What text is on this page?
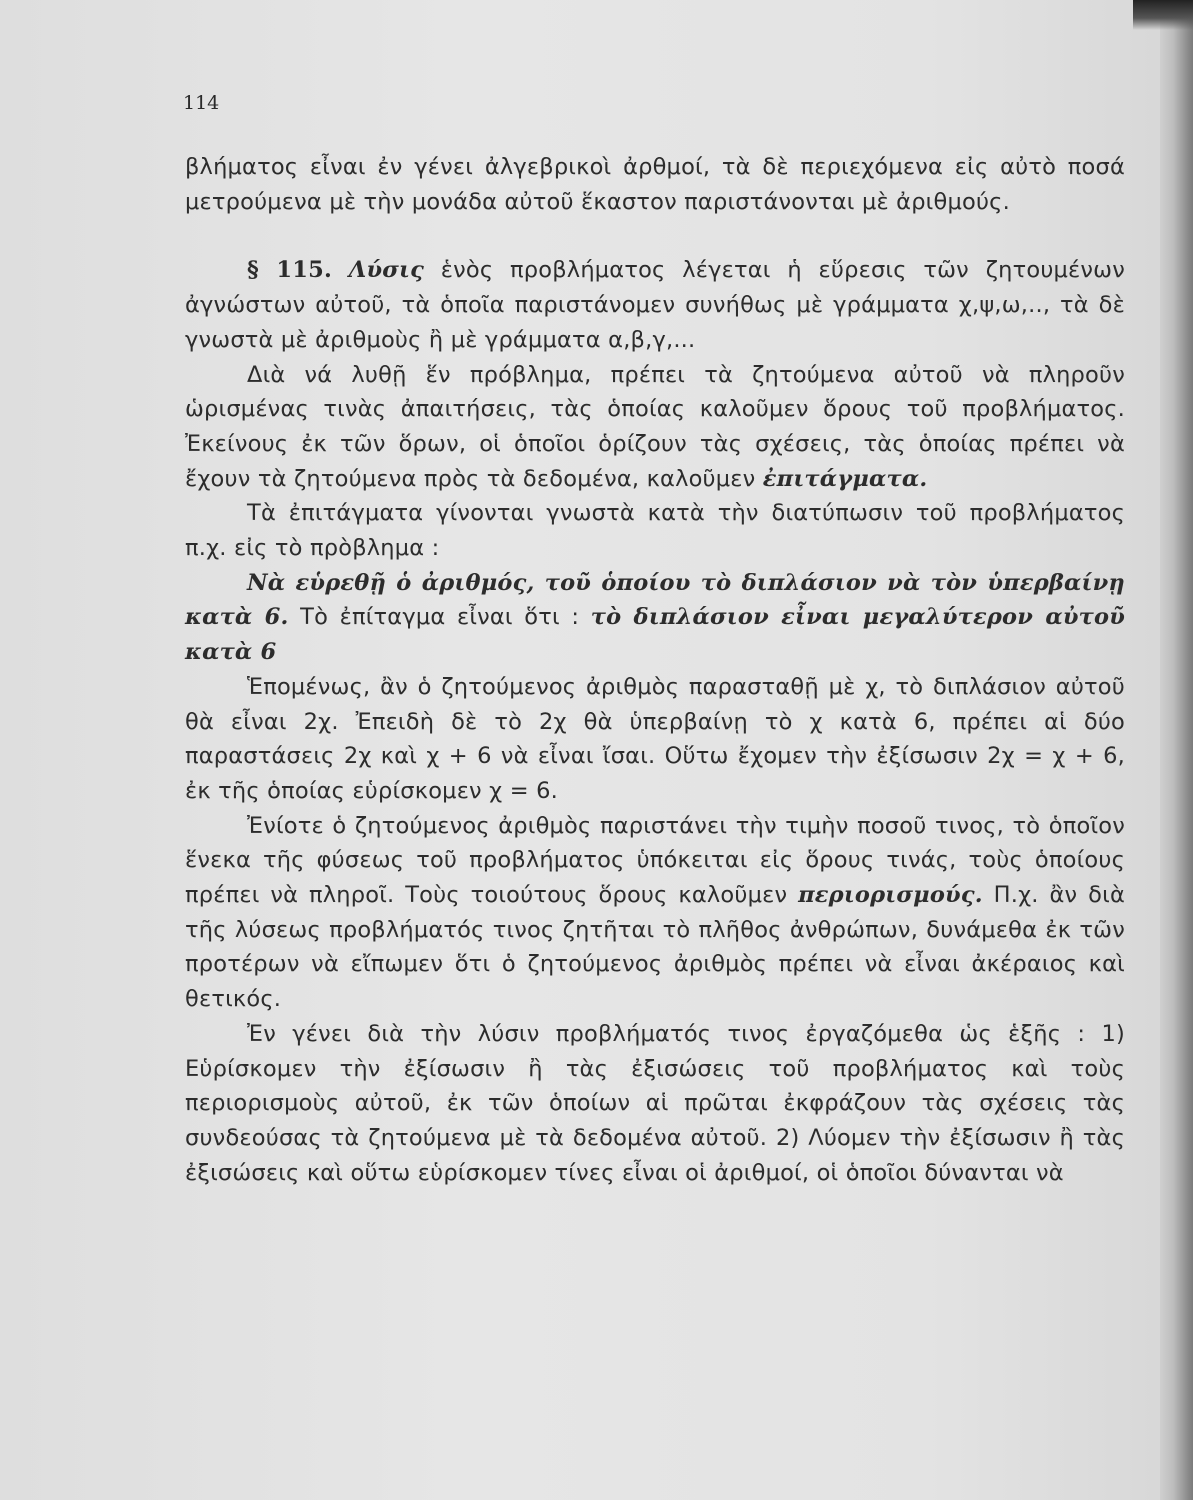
114

βλήματος εἶναι ἐν γένει ἀλγεβρικοὶ ἀρθμοί, τὰ δὲ περιεχόμενα εἰς αὐτὸ ποσά μετρούμενα μὲ τὴν μονάδα αὐτοῦ ἕκαστον παριστάνονται μὲ ἀριθμούς.

§ 115. Λύσις ἑνὸς προβλήματος λέγεται ἡ εὕρεσις τῶν ζητουμένων ἀγνώστων αὐτοῦ, τὰ ὁποῖα παριστάνομεν συνήθως μὲ γράμματα χ,ψ,ω,.., τὰ δὲ γνωστὰ μὲ ἀριθμοὺς ἢ μὲ γράμματα α,β,γ,...

Διὰ νά λυθῇ ἕν πρόβλημα, πρέπει τὰ ζητούμενα αὐτοῦ νὰ πληροῦν ὡρισμένας τινὰς ἀπαιτήσεις, τὰς ὁποίας καλοῦμεν ὅρους τοῦ προβλήματος. Ἐκείνους ἐκ τῶν ὅρων, οἱ ὁποῖοι ὁρίζουν τὰς σχέσεις, τὰς ὁποίας πρέπει νὰ ἔχουν τὰ ζητούμενα πρὸς τὰ δεδομένα, καλοῦμεν ἐπιτάγματα.

Τὰ ἐπιτάγματα γίνονται γνωστὰ κατὰ τὴν διατύπωσιν τοῦ προβλήματος π.χ. εἰς τὸ πρὸβλημα :

Νὰ εὑρεθῇ ὁ ἀριθμός, τοῦ ὁποίου τὸ διπλάσιον νὰ τὸν ὑπερβαίνῃ κατὰ 6. Τὸ ἐπίταγμα εἶναι ὅτι : τὸ διπλάσιον εἶναι μεγαλύτερον αὐτοῦ κατὰ 6

Ἑπομένως, ἂν ὁ ζητούμενος ἀριθμὸς παρασταθῇ μὲ χ, τὸ διπλάσιον αὐτοῦ θὰ εἶναι 2χ. Ἐπειδὴ δὲ τὸ 2χ θὰ ὑπερβαίνῃ τὸ χ κατὰ 6, πρέπει αἱ δύο παραστάσεις 2χ καὶ χ + 6 νὰ εἶναι ἴσαι. Οὕτω ἔχομεν τὴν ἐξίσωσιν 2χ = χ + 6, ἐκ τῆς ὁποίας εὑρίσκομεν χ = 6.

Ἐνίοτε ὁ ζητούμενος ἀριθμὸς παριστάνει τὴν τιμὴν ποσοῦ τινος, τὸ ὁποῖον ἕνεκα τῆς φύσεως τοῦ προβλήματος ὑπόκειται εἰς ὅρους τινάς, τοὺς ὁποίους πρέπει νὰ πληροῖ. Τοὺς τοιούτους ὅρους καλοῦμεν περιορισμούς. Π.χ. ἂν διὰ τῆς λύσεως προβλήματός τινος ζητῆται τὸ πλῆθος ἀνθρώπων, δυνάμεθα ἐκ τῶν προτέρων νὰ εἴπωμεν ὅτι ὁ ζητούμενος ἀριθμὸς πρέπει νὰ εἶναι ἀκέραιος καὶ θετικός.

Ἐν γένει διὰ τὴν λύσιν προβλήματός τινος ἐργαζόμεθα ὡς ἑξῆς : 1) Εὑρίσκομεν τὴν ἐξίσωσιν ἢ τὰς ἐξισώσεις τοῦ προβλήματος καὶ τοὺς περιορισμοὺς αὐτοῦ, ἐκ τῶν ὁποίων αἱ πρῶται ἐκφράζουν τὰς σχέσεις τὰς συνδεούσας τὰ ζητούμενα μὲ τὰ δεδομένα αὐτοῦ. 2) Λύομεν τὴν ἐξίσωσιν ἢ τὰς ἐξισώσεις καὶ οὕτω εὑρίσκομεν τίνες εἶναι οἱ ἀριθμοί, οἱ ὁποῖοι δύνανται νὰ
